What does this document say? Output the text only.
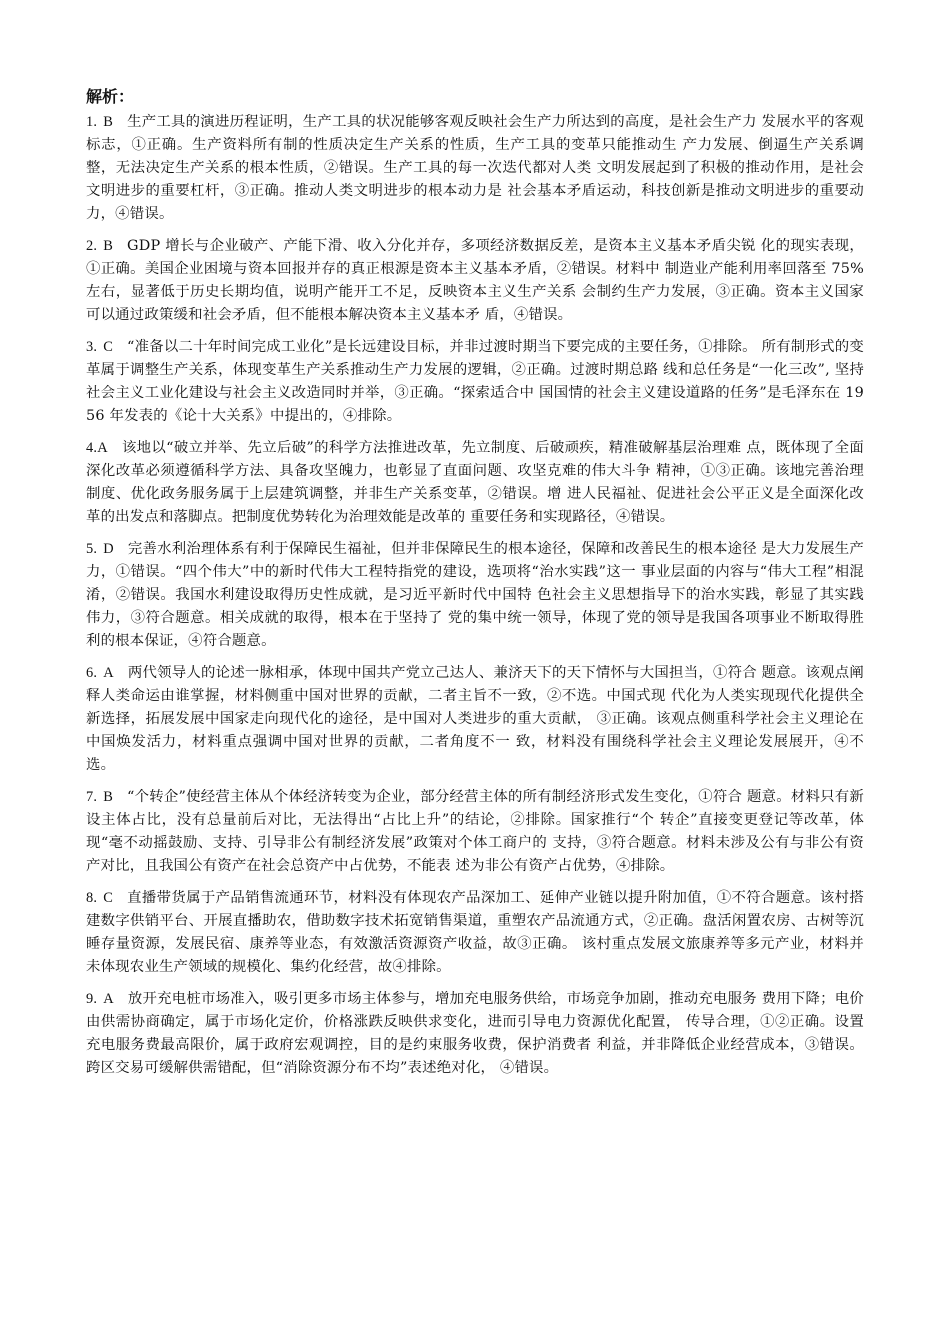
解析：

1. B 生产工具的演进历程证明，生产工具的状况能够客观反映社会生产力所达到的高度，是社会生产力 发展水平的客观标志，①正确。生产资料所有制的性质决定生产关系的性质，生产工具的变革只能推动生 产力发展、倒逼生产关系调整，无法决定生产关系的根本性质，②错误。生产工具的每一次迭代都对人类 文明发展起到了积极的推动作用，是社会文明进步的重要杠杆，③正确。推动人类文明进步的根本动力是 社会基本矛盾运动，科技创新是推动文明进步的重要动力，④错误。

2. B GDP 增长与企业破产、产能下滑、收入分化并存，多项经济数据反差，是资本主义基本矛盾尖锐 化的现实表现，①正确。美国企业困境与资本回报并存的真正根源是资本主义基本矛盾，②错误。材料中 制造业产能利用率回落至 75%左右，显著低于历史长期均值，说明产能开工不足，反映资本主义生产关系 会制约生产力发展，③正确。资本主义国家可以通过政策缓和社会矛盾，但不能根本解决资本主义基本矛 盾，④错误。

3. C “准备以二十年时间完成工业化”是长远建设目标，并非过渡时期当下要完成的主要任务，①排除。 所有制形式的变革属于调整生产关系，体现变革生产关系推动生产力发展的逻辑，②正确。过渡时期总路 线和总任务是“一化三改”, 坚持社会主义工业化建设与社会主义改造同时并举，③正确。“探索适合中 国国情的社会主义建设道路的任务”是毛泽东在 1956 年发表的《论十大关系》中提出的，④排除。

4.A 该地以“破立并举、先立后破”的科学方法推进改革，先立制度、后破顽疾，精准破解基层治理难 点，既体现了全面深化改革必须遵循科学方法、具备攻坚魄力，也彰显了直面问题、攻坚克难的伟大斗争 精神，①③正确。该地完善治理制度、优化政务服务属于上层建筑调整，并非生产关系变革，②错误。增 进人民福祉、促进社会公平正义是全面深化改革的出发点和落脚点。把制度优势转化为治理效能是改革的 重要任务和实现路径，④错误。

5. D 完善水利治理体系有利于保障民生福祉，但并非保障民生的根本途径，保障和改善民生的根本途径 是大力发展生产力，①错误。“四个伟大”中的新时代伟大工程特指党的建设，选项将“治水实践”这一 事业层面的内容与“伟大工程”相混淆，②错误。我国水利建设取得历史性成就，是习近平新时代中国特 色社会主义思想指导下的治水实践，彰显了其实践伟力，③符合题意。相关成就的取得，根本在于坚持了 党的集中统一领导，体现了党的领导是我国各项事业不断取得胜利的根本保证，④符合题意。

6. A 两代领导人的论述一脉相承，体现中国共产党立己达人、兼济天下的天下情怀与大国担当，①符合 题意。该观点阐释人类命运由谁掌握，材料侧重中国对世界的贡献，二者主旨不一致，②不选。中国式现 代化为人类实现现代化提供全新选择，拓展发展中国家走向现代化的途径，是中国对人类进步的重大贡献， ③正确。该观点侧重科学社会主义理论在中国焕发活力，材料重点强调中国对世界的贡献，二者角度不一 致，材料没有围绕科学社会主义理论发展展开，④不选。

7. B “个转企”使经营主体从个体经济转变为企业，部分经营主体的所有制经济形式发生变化，①符合 题意。材料只有新设主体占比，没有总量前后对比，无法得出“占比上升”的结论，②排除。国家推行“个 转企”直接变更登记等改革，体现“毫不动摇鼓励、支持、引导非公有制经济发展”政策对个体工商户的 支持，③符合题意。材料未涉及公有与非公有资产对比，且我国公有资产在社会总资产中占优势，不能表 述为非公有资产占优势，④排除。

8. C 直播带货属于产品销售流通环节，材料没有体现农产品深加工、延伸产业链以提升附加值，①不符合题意。该村搭建数字供销平台、开展直播助农，借助数字技术拓宽销售渠道，重塑农产品流通方式，②正确。盘活闲置农房、古树等沉睡存量资源，发展民宿、康养等业态，有效激活资源资产收益，故③正确。 该村重点发展文旅康养等多元产业，材料并未体现农业生产领域的规模化、集约化经营，故④排除。

9. A 放开充电桩市场准入，吸引更多市场主体参与，增加充电服务供给，市场竞争加剧，推动充电服务 费用下降；电价由供需协商确定，属于市场化定价，价格涨跌反映供求变化，进而引导电力资源优化配置， 传导合理，①②正确。设置充电服务费最高限价，属于政府宏观调控，目的是约束服务收费，保护消费者 利益，并非降低企业经营成本，③错误。跨区交易可缓解供需错配，但“消除资源分布不均”表述绝对化， ④错误。
